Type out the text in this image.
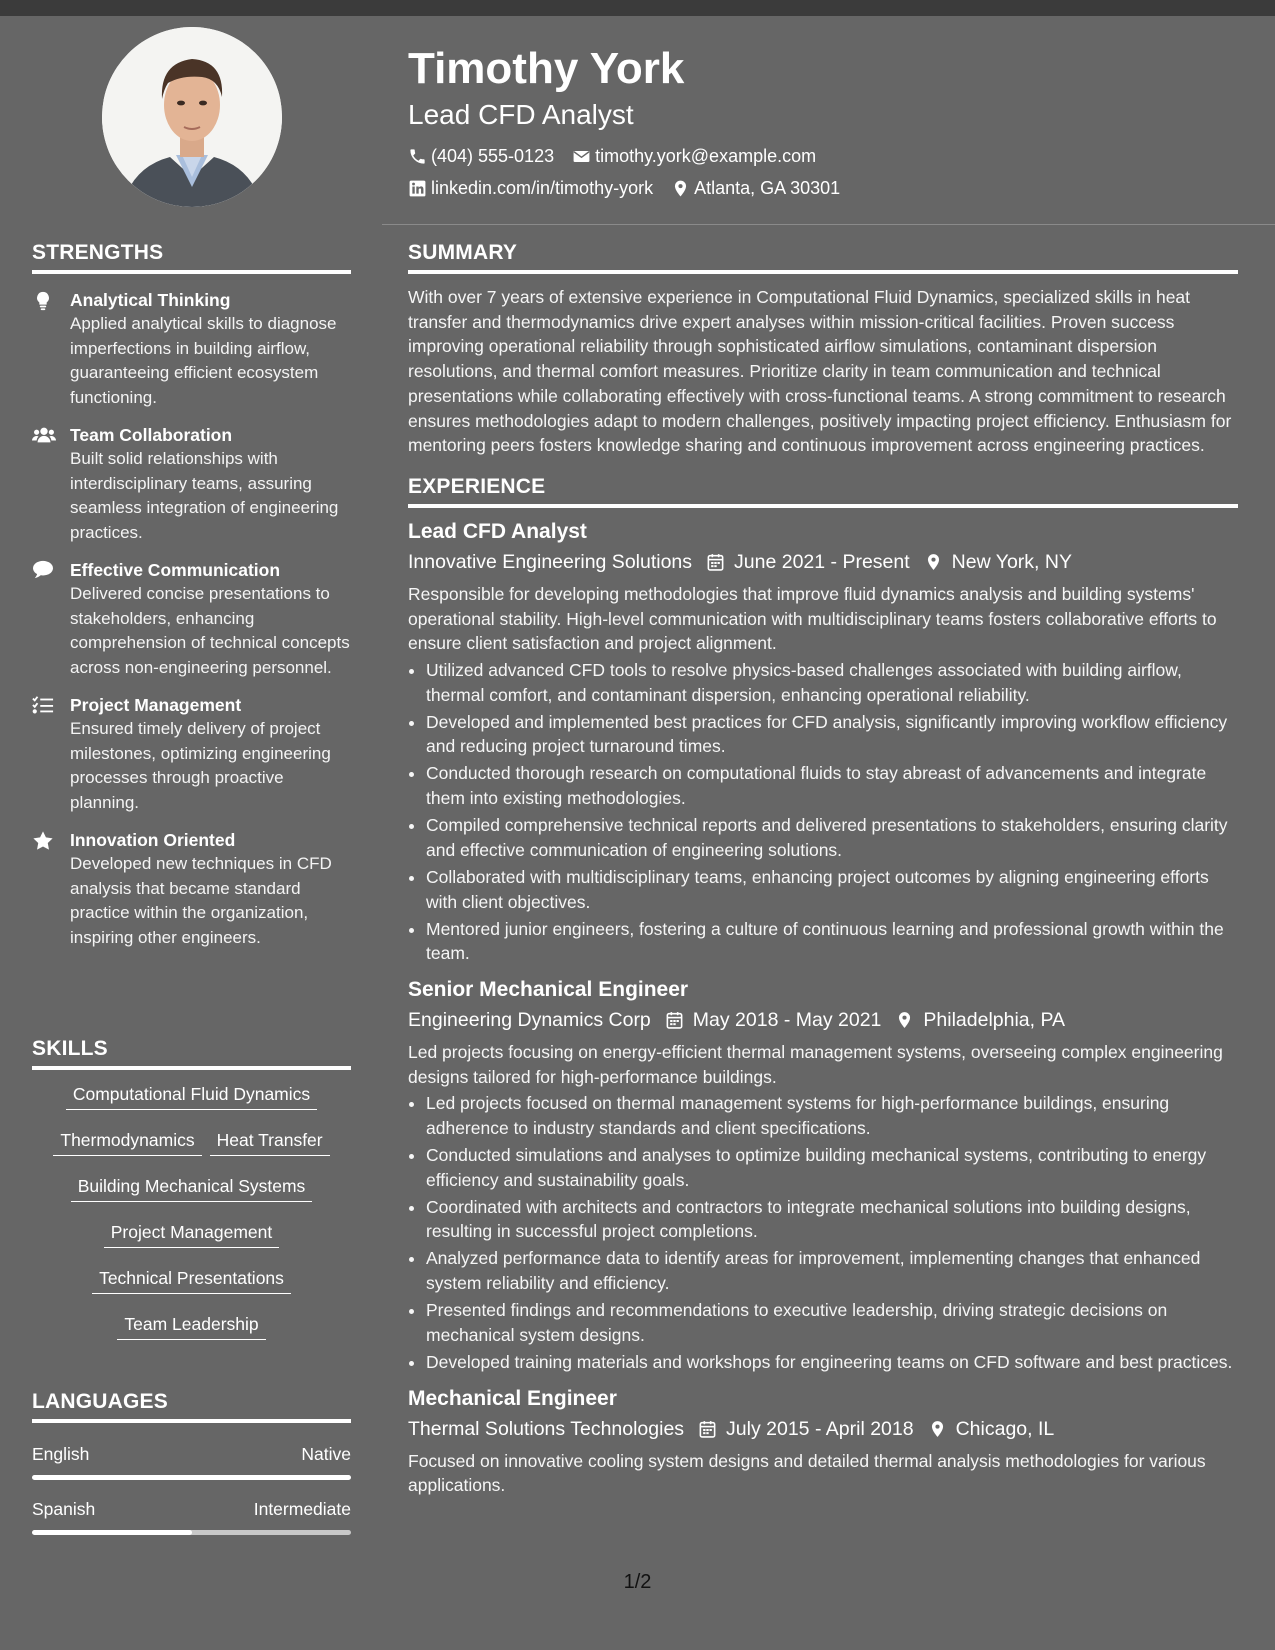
STRENGTHS
Analytical Thinking
Applied analytical skills to diagnose imperfections in building airflow, guaranteeing efficient ecosystem functioning.
Team Collaboration
Built solid relationships with interdisciplinary teams, assuring seamless integration of engineering practices.
Effective Communication
Delivered concise presentations to stakeholders, enhancing comprehension of technical concepts across non-engineering personnel.
Project Management
Ensured timely delivery of project milestones, optimizing engineering processes through proactive planning.
Innovation Oriented
Developed new techniques in CFD analysis that became standard practice within the organization, inspiring other engineers.
SKILLS
Computational Fluid Dynamics
Thermodynamics	Heat Transfer
Building Mechanical Systems
Project Management
Technical Presentations
Team Leadership
LANGUAGES
English	Native
Spanish	Intermediate
Timothy York
Lead CFD Analyst
(404) 555-0123 timothy.york@example.com
linkedin.com/in/timothy-york Atlanta, GA 30301
SUMMARY
With over 7 years of extensive experience in Computational Fluid Dynamics, specialized skills in heat transfer and thermodynamics drive expert analyses within mission-critical facilities. Proven success improving operational reliability through sophisticated airflow simulations, contaminant dispersion resolutions, and thermal comfort measures. Prioritize clarity in team communication and technical presentations while collaborating effectively with cross-functional teams. A strong commitment to research ensures methodologies adapt to modern challenges, positively impacting project efficiency. Enthusiasm for mentoring peers fosters knowledge sharing and continuous improvement across engineering practices.
EXPERIENCE
Lead CFD Analyst
Innovative Engineering Solutions June 2021 - Present New York, NY
Responsible for developing methodologies that improve fluid dynamics analysis and building systems' operational stability. High-level communication with multidisciplinary teams fosters collaborative efforts to ensure client satisfaction and project alignment.
• Utilized advanced CFD tools to resolve physics-based challenges associated with building airflow, thermal comfort, and contaminant dispersion, enhancing operational reliability.
• Developed and implemented best practices for CFD analysis, significantly improving workflow efficiency and reducing project turnaround times.
• Conducted thorough research on computational fluids to stay abreast of advancements and integrate them into existing methodologies.
• Compiled comprehensive technical reports and delivered presentations to stakeholders, ensuring clarity and effective communication of engineering solutions.
• Collaborated with multidisciplinary teams, enhancing project outcomes by aligning engineering efforts with client objectives.
• Mentored junior engineers, fostering a culture of continuous learning and professional growth within the team.
Senior Mechanical Engineer
Engineering Dynamics Corp May 2018 - May 2021 Philadelphia, PA
Led projects focusing on energy-efficient thermal management systems, overseeing complex engineering designs tailored for high-performance buildings.
• Led projects focused on thermal management systems for high-performance buildings, ensuring adherence to industry standards and client specifications.
• Conducted simulations and analyses to optimize building mechanical systems, contributing to energy efficiency and sustainability goals.
• Coordinated with architects and contractors to integrate mechanical solutions into building designs, resulting in successful project completions.
• Analyzed performance data to identify areas for improvement, implementing changes that enhanced system reliability and efficiency.
• Presented findings and recommendations to executive leadership, driving strategic decisions on mechanical system designs.
• Developed training materials and workshops for engineering teams on CFD software and best practices.
Mechanical Engineer
Thermal Solutions Technologies July 2015 - April 2018 Chicago, IL
Focused on innovative cooling system designs and detailed thermal analysis methodologies for various applications.
1/2
